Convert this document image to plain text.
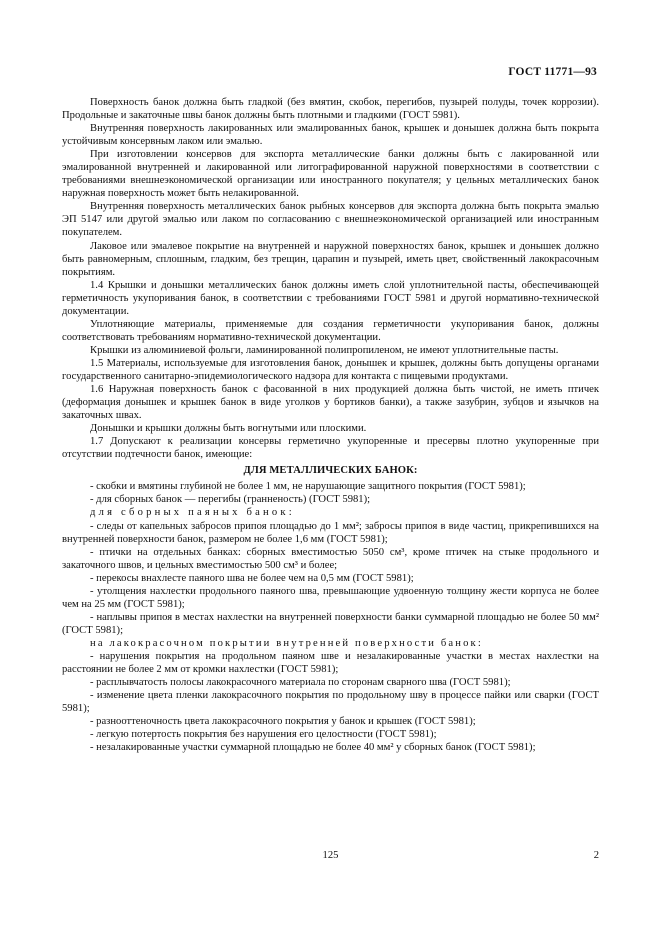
ГОСТ 11771—93

Поверхность банок должна быть гладкой (без вмятин, скобок, перегибов, пузырей полуды, точек коррозии). Продольные и закаточные швы банок должны быть плотными и гладкими (ГОСТ 5981).

Внутренняя поверхность лакированных или эмалированных банок, крышек и донышек должна быть покрыта устойчивым консервным лаком или эмалью.

При изготовлении консервов для экспорта металлические банки должны быть с лакированной или эмалированной внутренней и лакированной или литографированной наружной поверхностями в соответствии с требованиями внешнеэкономической организации или иностранного покупателя; у цельных металлических банок наружная поверхность может быть нелакированной.

Внутренняя поверхность металлических банок рыбных консервов для экспорта должна быть покрыта эмалью ЭП 5147 или другой эмалью или лаком по согласованию с внешнеэкономической организацией или иностранным покупателем.

Лаковое или эмалевое покрытие на внутренней и наружной поверхностях банок, крышек и донышек должно быть равномерным, сплошным, гладким, без трещин, царапин и пузырей, иметь цвет, свойственный лакокрасочным покрытиям.

1.4 Крышки и донышки металлических банок должны иметь слой уплотнительной пасты, обеспечивающей герметичность укупоривания банок, в соответствии с требованиями ГОСТ 5981 и другой нормативно-технической документации.

Уплотняющие материалы, применяемые для создания герметичности укупоривания банок, должны соответствовать требованиям нормативно-технической документации.

Крышки из алюминиевой фольги, ламинированной полипропиленом, не имеют уплотнительные пасты.

1.5 Материалы, используемые для изготовления банок, донышек и крышек, должны быть допущены органами государственного санитарно-эпидемиологического надзора для контакта с пищевыми продуктами.

1.6 Наружная поверхность банок с фасованной в них продукцией должна быть чистой, не иметь птичек (деформация донышек и крышек банок в виде уголков у бортиков банки), а также зазубрин, зубцов и язычков на закаточных швах.

Донышки и крышки должны быть вогнутыми или плоскими.

1.7 Допускают к реализации консервы герметично укупоренные и пресервы плотно укупоренные при отсутствии подтечности банок, имеющие:

ДЛЯ МЕТАЛЛИЧЕСКИХ БАНОК:

- скобки и вмятины глубиной не более 1 мм, не нарушающие защитного покрытия (ГОСТ 5981);

- для сборных банок — перегибы (гранненость) (ГОСТ 5981);

для сборных паяных банок:

- следы от капельных забросов припоя площадью до 1 мм²; забросы припоя в виде частиц, прикрепившихся на внутренней поверхности банок, размером не более 1,6 мм (ГОСТ 5981);

- птички на отдельных банках: сборных вместимостью 5050 см³, кроме птичек на стыке продольного и закаточного швов, и цельных вместимостью 500 см³ и более;

- перекосы внахлесте паяного шва не более чем на 0,5 мм (ГОСТ 5981);

- утолщения нахлестки продольного паяного шва, превышающие удвоенную толщину жести корпуса не более чем на 25 мм (ГОСТ 5981);

- наплывы припоя в местах нахлестки на внутренней поверхности банки суммарной площадью не более 50 мм² (ГОСТ 5981);

на лакокрасочном покрытии внутренней поверхности банок:

- нарушения покрытия на продольном паяном шве и незалакированные участки в местах нахлестки на расстоянии не более 2 мм от кромки нахлестки (ГОСТ 5981);

- расплывчатость полосы лакокрасочного материала по сторонам сварного шва (ГОСТ 5981);

- изменение цвета пленки лакокрасочного покрытия по продольному шву в процессе пайки или сварки (ГОСТ 5981);

- разнооттеночность цвета лакокрасочного покрытия у банок и крышек (ГОСТ 5981);

- легкую потертость покрытия без нарушения его целостности (ГОСТ 5981);

- незалакированные участки суммарной площадью не более 40 мм² у сборных банок (ГОСТ 5981);

125	2
